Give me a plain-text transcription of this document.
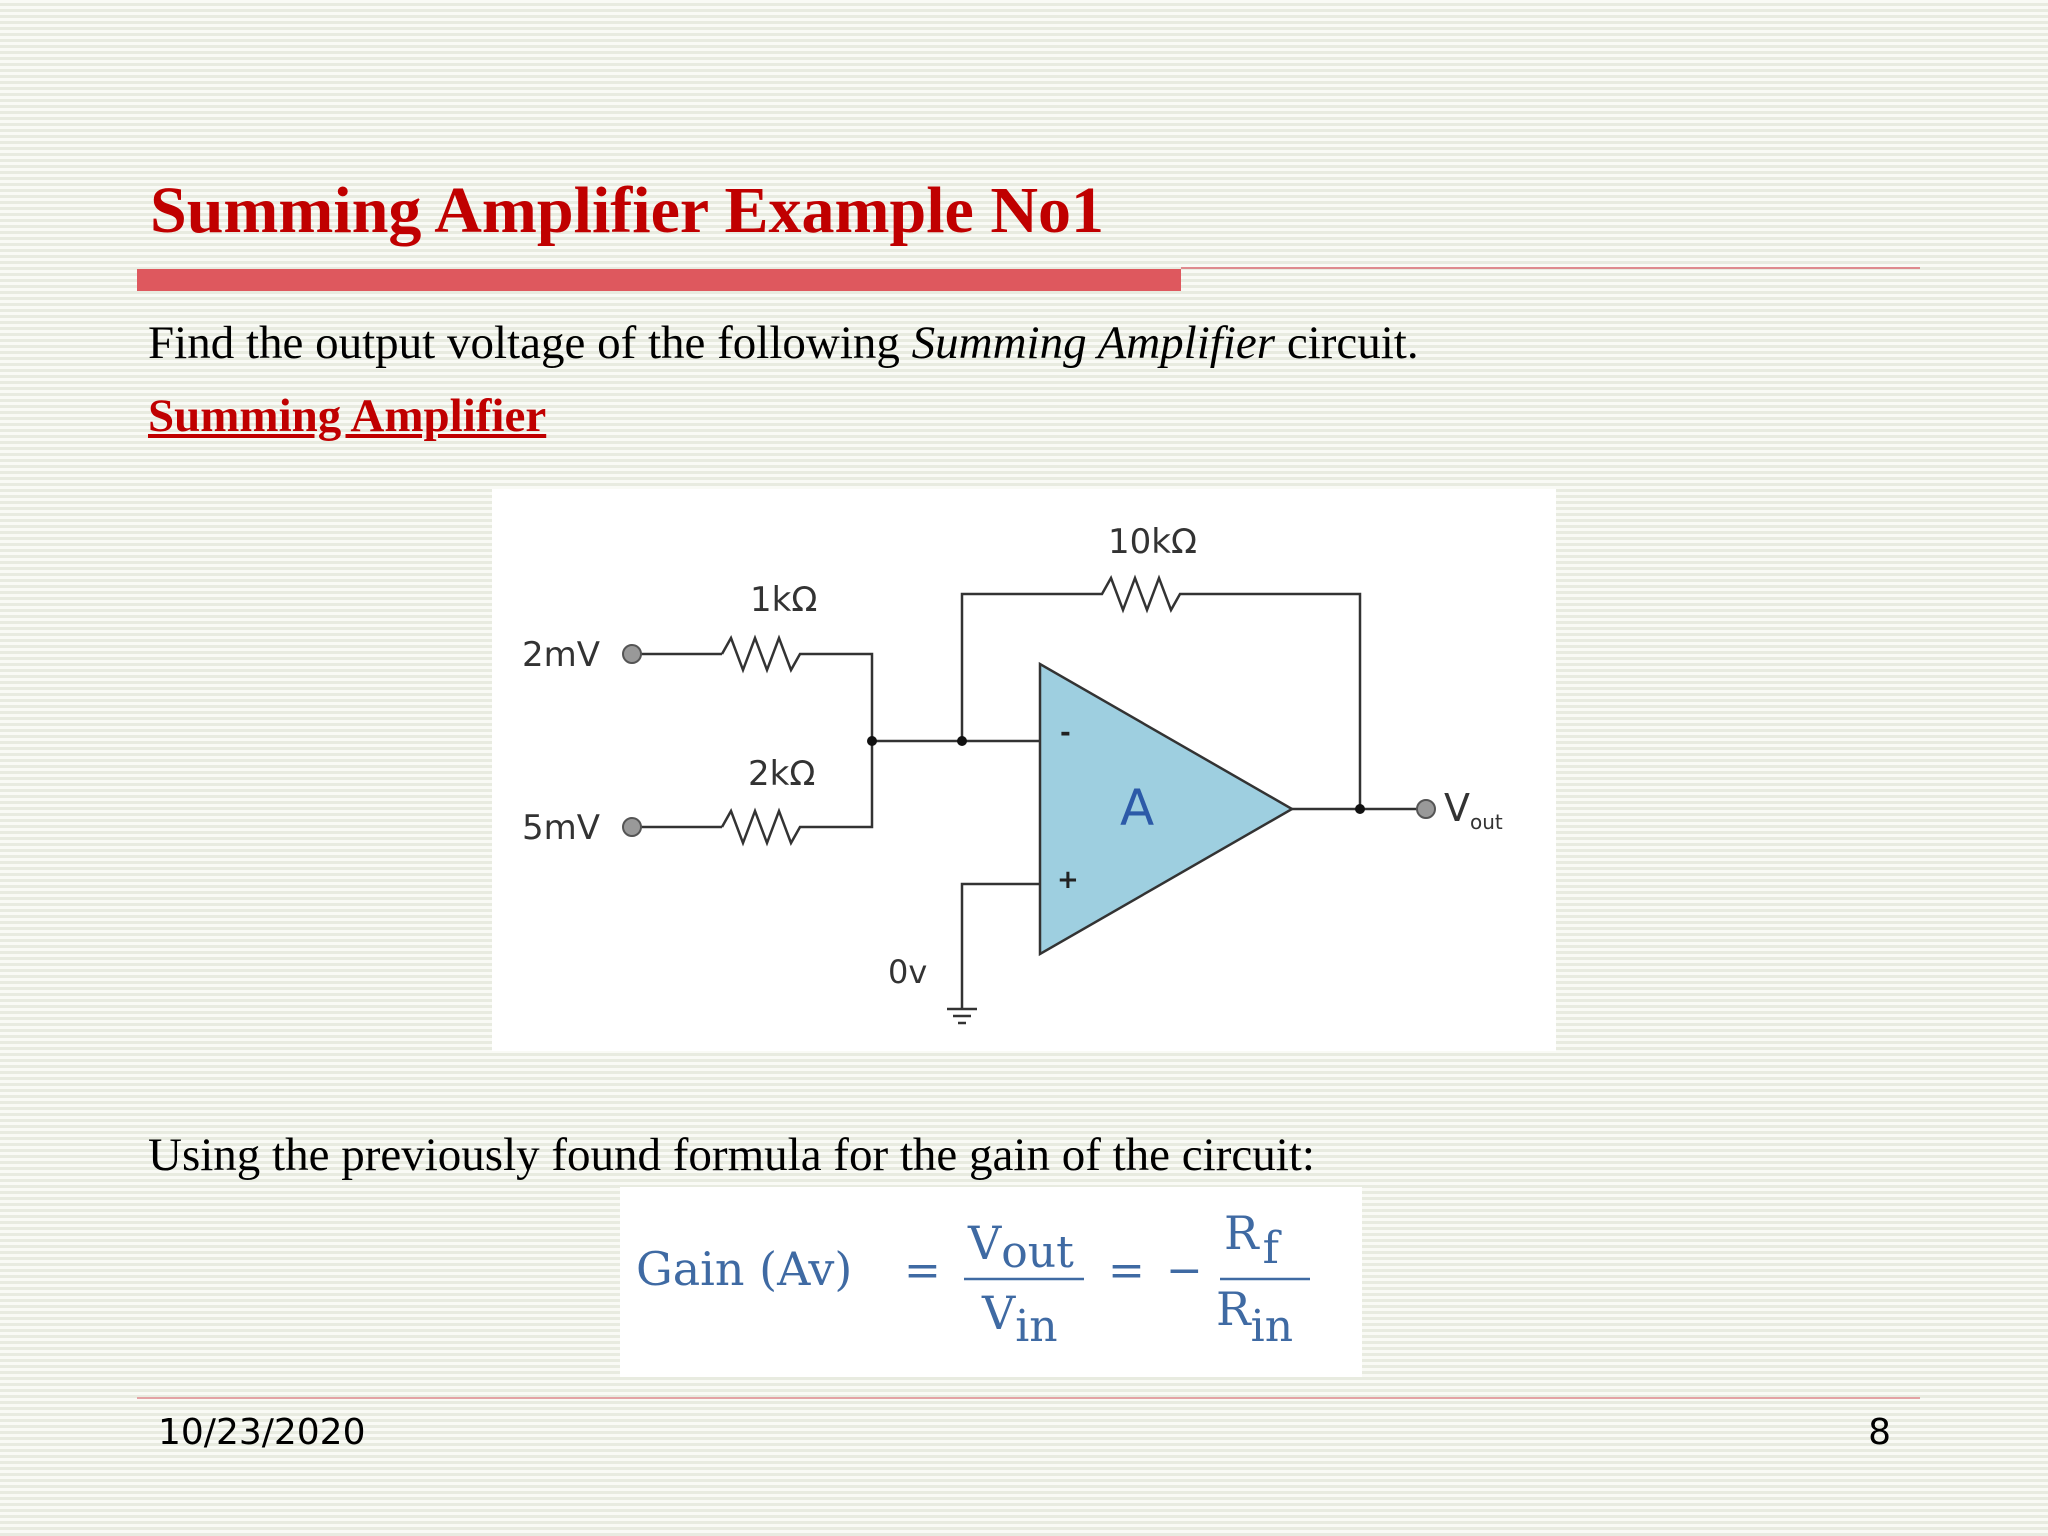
Summing Amplifier Example No1
Find the output voltage of the following Summing Amplifier circuit.
Summing Amplifier
10kΩ
1kΩ
2kΩ
2mV
5mV
0v
A
-
+
$V_{out}$
Using the previously found formula for the gain of the circuit:
Gain (Av) =
Vout
Vin
= −
Rf
Rin
10/23/2020	8
